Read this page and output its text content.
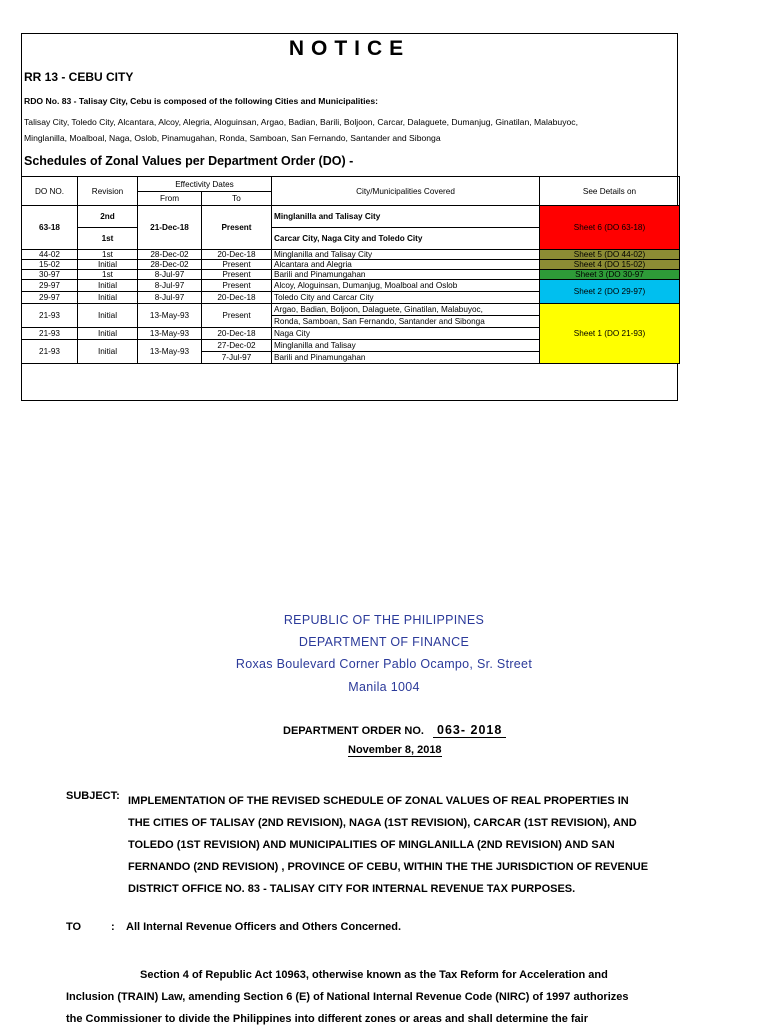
NOTICE
RR 13 - CEBU CITY
RDO No. 83 - Talisay City, Cebu is composed of the following Cities and Municipalities:
Talisay City, Toledo City, Alcantara, Alcoy, Alegria, Aloguinsan, Argao, Badian, Barili, Boljoon, Carcar, Dalaguete, Dumanjug, Ginatilan, Malabuyoc,
Minglanilla, Moalboal, Naga, Oslob, Pinamugahan, Ronda, Samboan, San Fernando, Santander and Sibonga
Schedules of Zonal Values per Department Order (DO) -
DO NO.	Revision	Effectivity Dates		City/Municipalities Covered	See Details on
		From	To		
63-18	2nd	21-Dec-18	Present	Minglanilla and Talisay City	Sheet 6 (DO 63-18)
	1st			Carcar City, Naga City and Toledo City	
44-02	1st	28-Dec-02	20-Dec-18	Minglanilla and Talisay City	Sheet 5 (DO 44-02)
15-02	Initial	28-Dec-02	Present	Alcantara and Alegria	Sheet 4 (DO 15-02)
30-97	1st	8-Jul-97	Present	Barili and Pinamungahan	Sheet 3 (DO 30-97
29-97	Initial	8-Jul-97	Present	Alcoy, Aloguinsan, Dumanjug, Moalboal and Oslob	Sheet 2 (DO 29-97)
29-97	Initial	8-Jul-97	20-Dec-18	Toledo City and Carcar City	
21-93	Initial	13-May-93	Present	Argao, Badian, Boljoon, Dalaguete, Ginatilan, Malabuyoc,	Sheet 1 (DO 21-93)
				Ronda, Samboan, San Fernando, Santander and Sibonga	
21-93	Initial	13-May-93	20-Dec-18	Naga City	
21-93	Initial	13-May-93	27-Dec-02	Minglanilla and Talisay	
			7-Jul-97	Barili and Pinamungahan	
REPUBLIC OF THE PHILIPPINES
DEPARTMENT OF FINANCE
Roxas Boulevard Corner Pablo Ocampo, Sr. Street
Manila 1004
DEPARTMENT ORDER NO. 063- 2018
November 8, 2018
SUBJECT: IMPLEMENTATION OF THE REVISED SCHEDULE OF ZONAL VALUES OF REAL PROPERTIES IN
THE CITIES OF TALISAY (2ND REVISION), NAGA (1ST REVISION), CARCAR (1ST REVISION), AND
TOLEDO (1ST REVISION) AND MUNICIPALITIES OF MINGLANILLA (2ND REVISION) AND SAN
FERNANDO (2ND REVISION) , PROVINCE OF CEBU, WITHIN THE THE JURISDICTION OF REVENUE
DISTRICT OFFICE NO. 83 - TALISAY CITY FOR INTERNAL REVENUE TAX PURPOSES.
TO	: All Internal Revenue Officers and Others Concerned.
Section 4 of Republic Act 10963, otherwise known as the Tax Reform for Acceleration and
Inclusion (TRAIN) Law, amending Section 6 (E) of National Internal Revenue Code (NIRC) of 1997 authorizes
the Commissioner to divide the Philippines into different zones or areas and shall determine the fair
